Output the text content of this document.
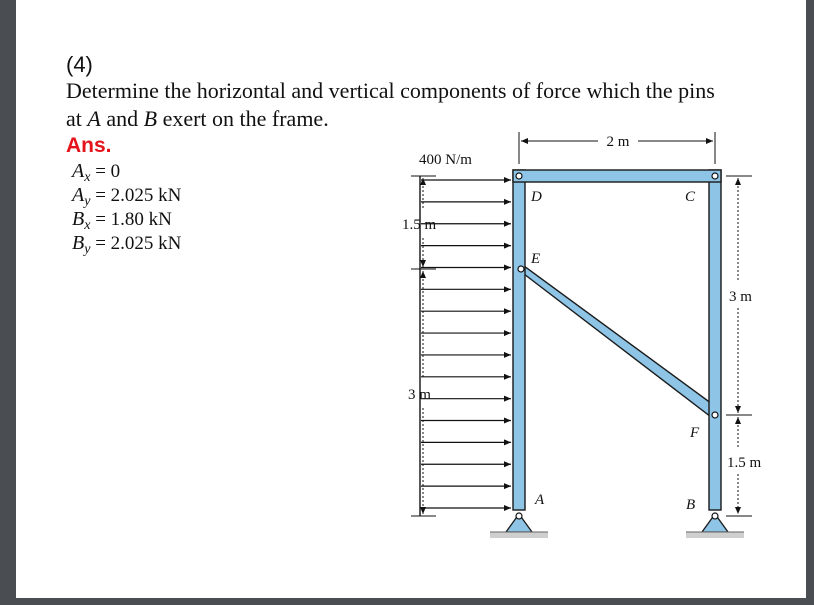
(4)
Determine the horizontal and vertical components of force which the pins
at A and B exert on the frame.
Ans.
$A_x = 0$
$A_y = 2.025$ kN
$B_x = 1.80$ kN
$B_y = 2.025$ kN
2 m
1.5 m
3 m
3 m
1.5 m
400 N/m
D	C
E
F
A	B
